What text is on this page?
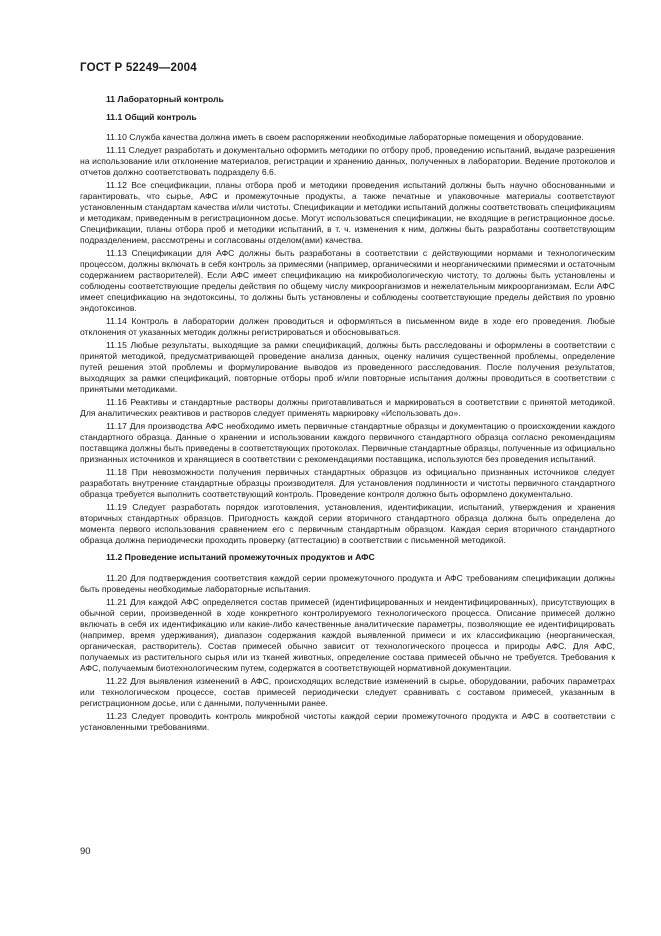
ГОСТ Р 52249—2004

11 Лабораторный контроль

11.1 Общий контроль

11.10 Служба качества должна иметь в своем распоряжении необходимые лабораторные помещения и оборудование.

11.11 Следует разработать и документально оформить методики по отбору проб, проведению испытаний, выдаче разрешения на использование или отклонение материалов, регистрации и хранению данных, полученных в лаборатории. Ведение протоколов и отчетов должно соответствовать подразделу 6.6.

11.12 Все спецификации, планы отбора проб и методики проведения испытаний должны быть научно обоснованными и гарантировать, что сырье, АФС и промежуточные продукты, а также печатные и упаковочные материалы соответствуют установленным стандартам качества и/или чистоты. Спецификации и методики испытаний должны соответствовать спецификациям и методикам, приведенным в регистрационном досье. Могут использоваться спецификации, не входящие в регистрационное досье. Спецификации, планы отбора проб и методики испытаний, в т. ч. изменения к ним, должны быть разработаны соответствующим подразделением, рассмотрены и согласованы отделом(ами) качества.

11.13 Спецификации для АФС должны быть разработаны в соответствии с действующими нормами и технологическим процессом, должны включать в себя контроль за примесями (например, органическими и неорганическими примесями и остаточным содержанием растворителей). Если АФС имеет спецификацию на микробиологическую чистоту, то должны быть установлены и соблюдены соответствующие пределы действия по общему числу микроорганизмов и нежелательным микроорганизмам. Если АФС имеет спецификацию на эндотоксины, то должны быть установлены и соблюдены соответствующие пределы действия по уровню эндотоксинов.

11.14 Контроль в лаборатории должен проводиться и оформляться в письменном виде в ходе его проведения. Любые отклонения от указанных методик должны регистрироваться и обосновываться.

11.15 Любые результаты, выходящие за рамки спецификаций, должны быть расследованы и оформлены в соответствии с принятой методикой, предусматривающей проведение анализа данных, оценку наличия существенной проблемы, определение путей решения этой проблемы и формулирование выводов из проведенного расследования. После получения результатов, выходящих за рамки спецификаций, повторные отборы проб и/или повторные испытания должны проводиться в соответствии с принятыми методиками.

11.16 Реактивы и стандартные растворы должны приготавливаться и маркироваться в соответствии с принятой методикой. Для аналитических реактивов и растворов следует применять маркировку «Использовать до».

11.17 Для производства АФС необходимо иметь первичные стандартные образцы и документацию о происхождении каждого стандартного образца. Данные о хранении и использовании каждого первичного стандартного образца согласно рекомендациям поставщика должны быть приведены в соответствующих протоколах. Первичные стандартные образцы, полученные из официально признанных источников и хранящиеся в соответствии с рекомендациями поставщика, используются без проведения испытаний.

11.18 При невозможности получения первичных стандартных образцов из официально признанных источников следует разработать внутренние стандартные образцы производителя. Для установления подлинности и чистоты первичного стандартного образца требуется выполнить соответствующий контроль. Проведение контроля должно быть оформлено документально.

11.19 Следует разработать порядок изготовления, установления, идентификации, испытаний, утверждения и хранения вторичных стандартных образцов. Пригодность каждой серии вторичного стандартного образца должна быть определена до момента первого использования сравнением его с первичным стандартным образцом. Каждая серия вторичного стандартного образца должна периодически проходить проверку (аттестацию) в соответствии с письменной методикой.

11.2 Проведение испытаний промежуточных продуктов и АФС

11.20 Для подтверждения соответствия каждой серии промежуточного продукта и АФС требованиям спецификации должны быть проведены необходимые лабораторные испытания.

11.21 Для каждой АФС определяется состав примесей (идентифицированных и неидентифицированных), присутствующих в обычной серии, произведенной в ходе конкретного контролируемого технологического процесса. Описание примесей должно включать в себя их идентификацию или какие-либо качественные аналитические параметры, позволяющие ее идентифицировать (например, время удерживания), диапазон содержания каждой выявленной примеси и их классификацию (неорганическая, органическая, растворитель). Состав примесей обычно зависит от технологического процесса и природы АФС. Для АФС, получаемых из растительного сырья или из тканей животных, определение состава примесей обычно не требуется. Требования к АФС, получаемым биотехнологическим путем, содержатся в соответствующей нормативной документации.

11.22 Для выявления изменений в АФС, происходящих вследствие изменений в сырье, оборудовании, рабочих параметрах или технологическом процессе, состав примесей периодически следует сравнивать с составом примесей, указанным в регистрационном досье, или с данными, полученными ранее.

11.23 Следует проводить контроль микробной чистоты каждой серии промежуточного продукта и АФС в соответствии с установленными требованиями.

90
